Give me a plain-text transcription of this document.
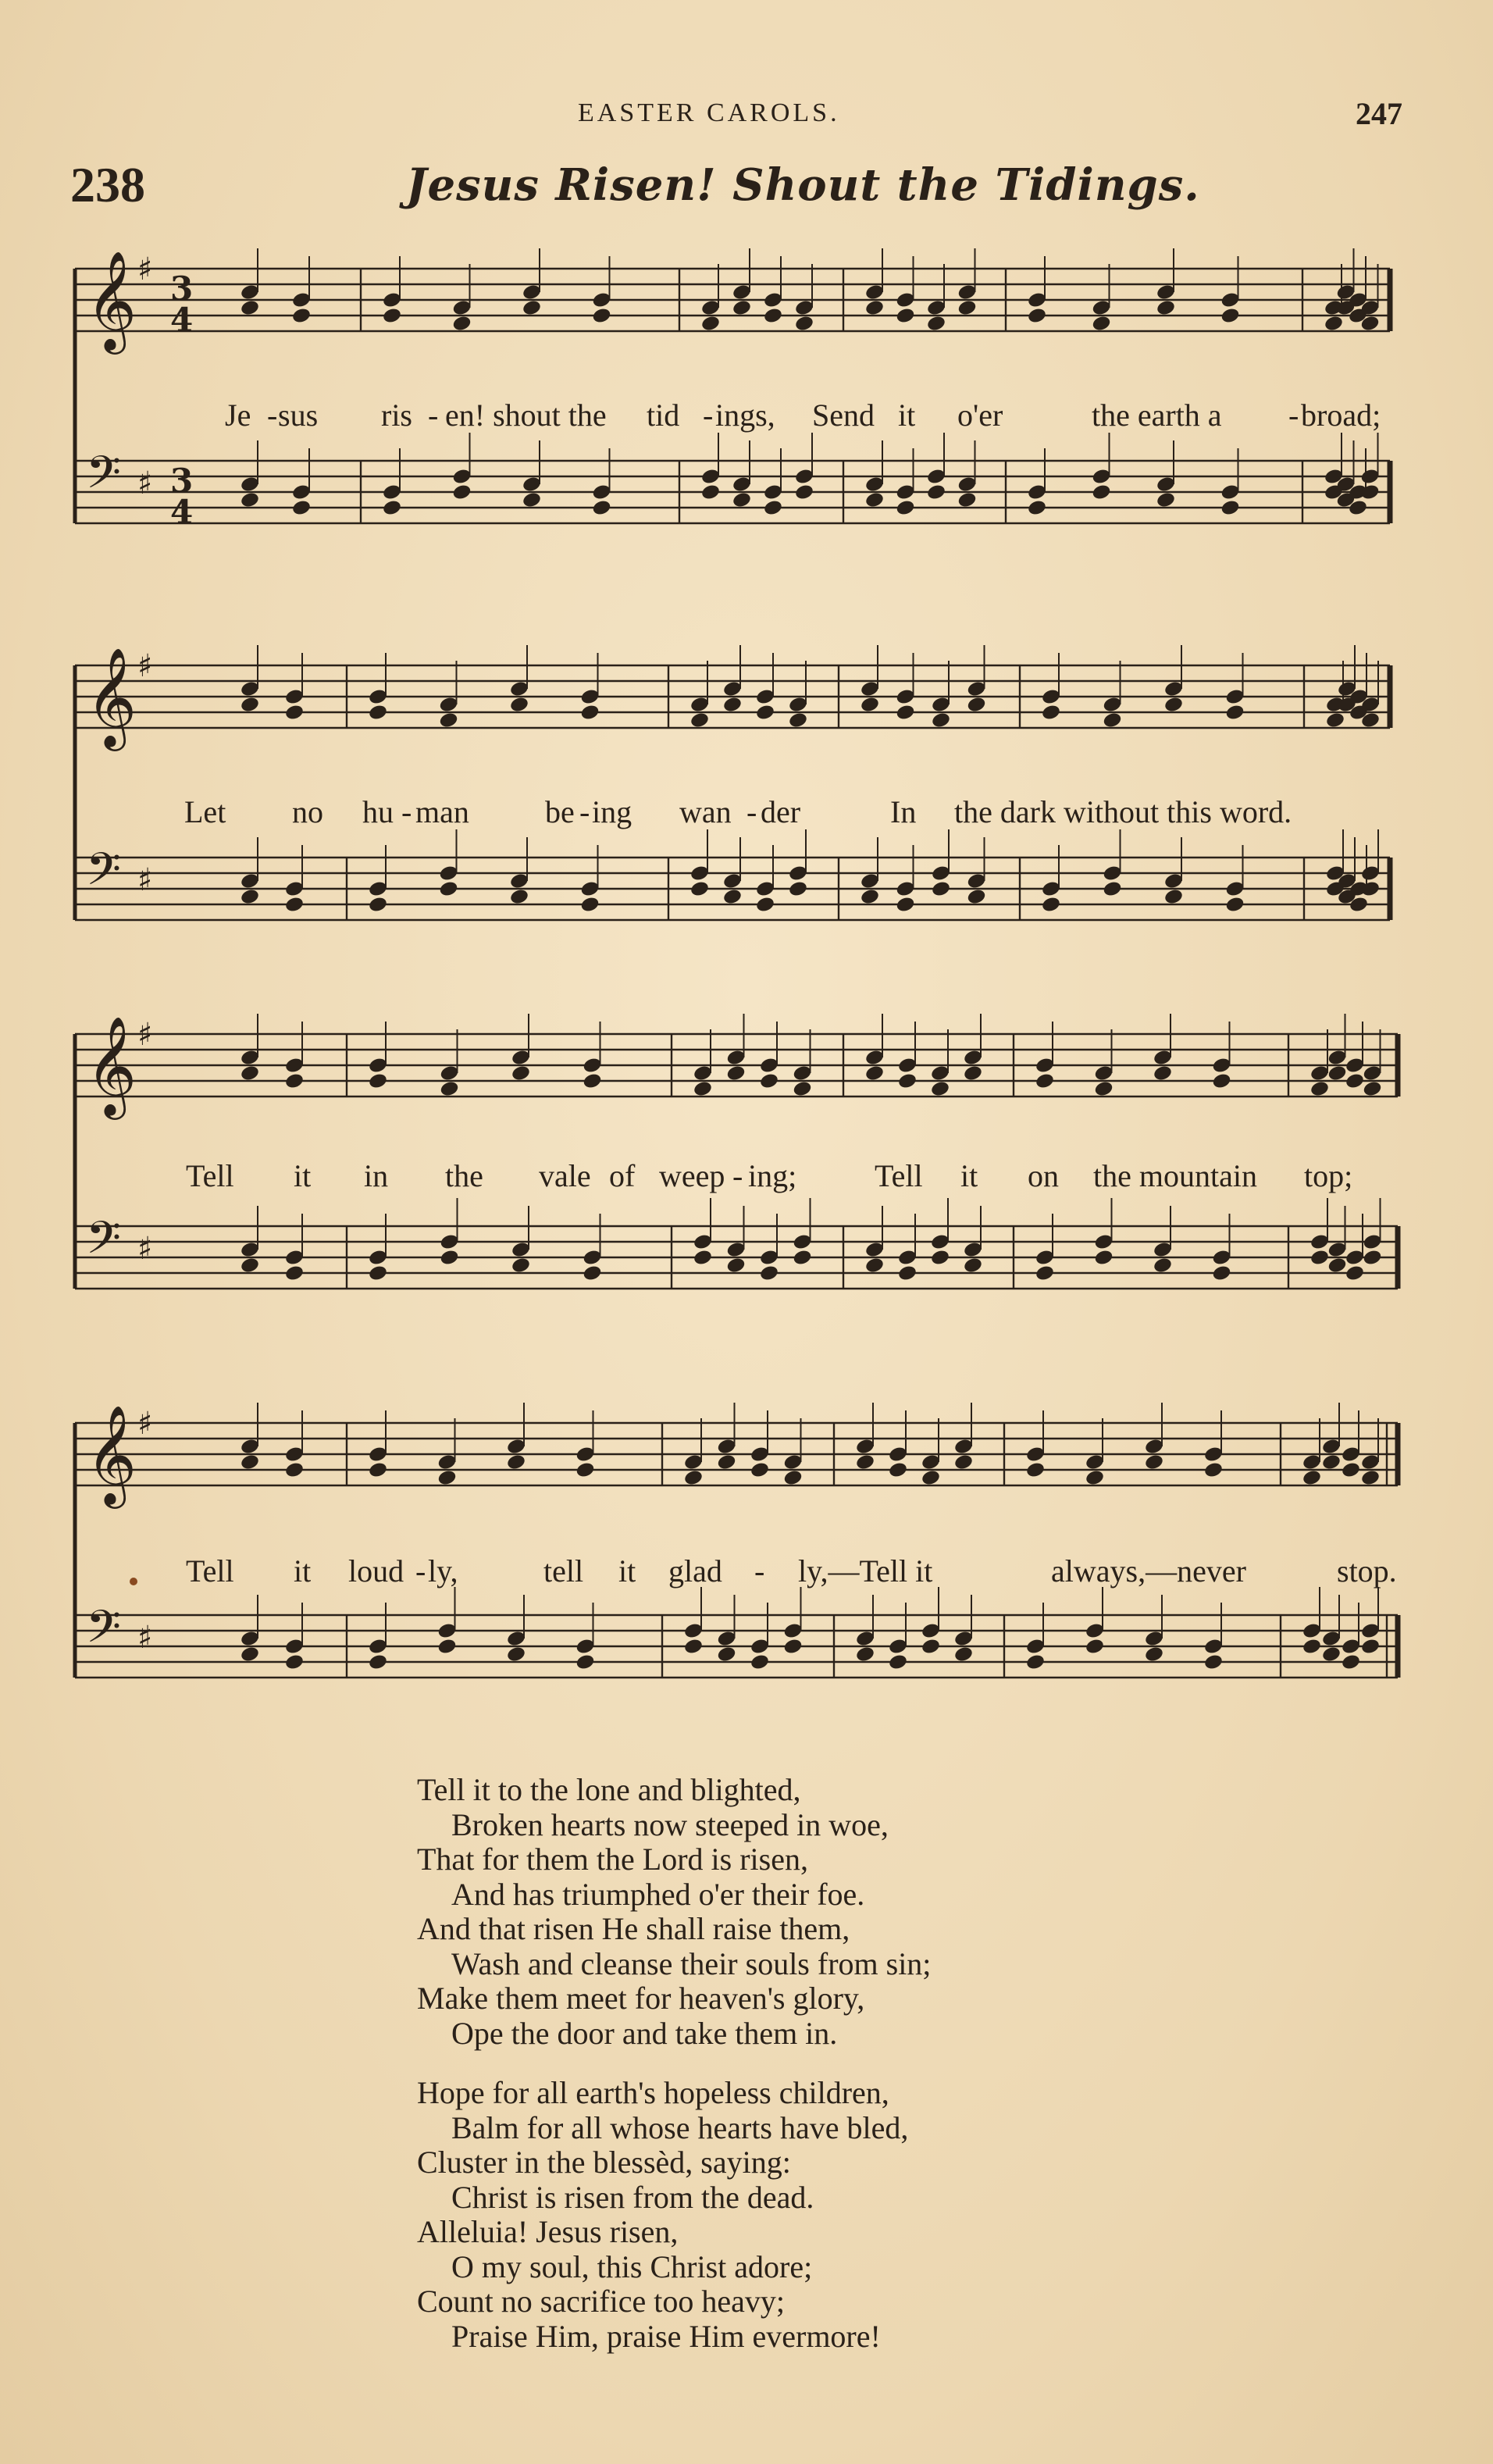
EASTER CAROLS.	247
238	Jesus Risen! Shout the Tidings.
𝄞 ♯
𝄢 ♯
3
4
3
4
Je - sus ris - en! shout the tid - ings, Send it o'er	the earth a - broad;
𝄞 ♯
𝄢 ♯
Let no hu - man be - ing wan - der	In the dark without this word.
𝄞 ♯
𝄢 ♯
Tell it in the vale of weep - ing; Tell it on the mountain top;
𝄞 ♯
𝄢 ♯
Tell it loud - ly,	tell it glad - ly,—Tell it	always,—never	stop.
Tell it to the lone and blighted,
Broken hearts now steeped in woe,
That for them the Lord is risen,
And has triumphed o'er their foe.
And that risen He shall raise them,
Wash and cleanse their souls from sin;
Make them meet for heaven's glory,
Ope the door and take them in.
Hope for all earth's hopeless children,
Balm for all whose hearts have bled,
Cluster in the blessèd, saying:
Christ is risen from the dead.
Alleluia! Jesus risen,
O my soul, this Christ adore;
Count no sacrifice too heavy;
Praise Him, praise Him evermore!
